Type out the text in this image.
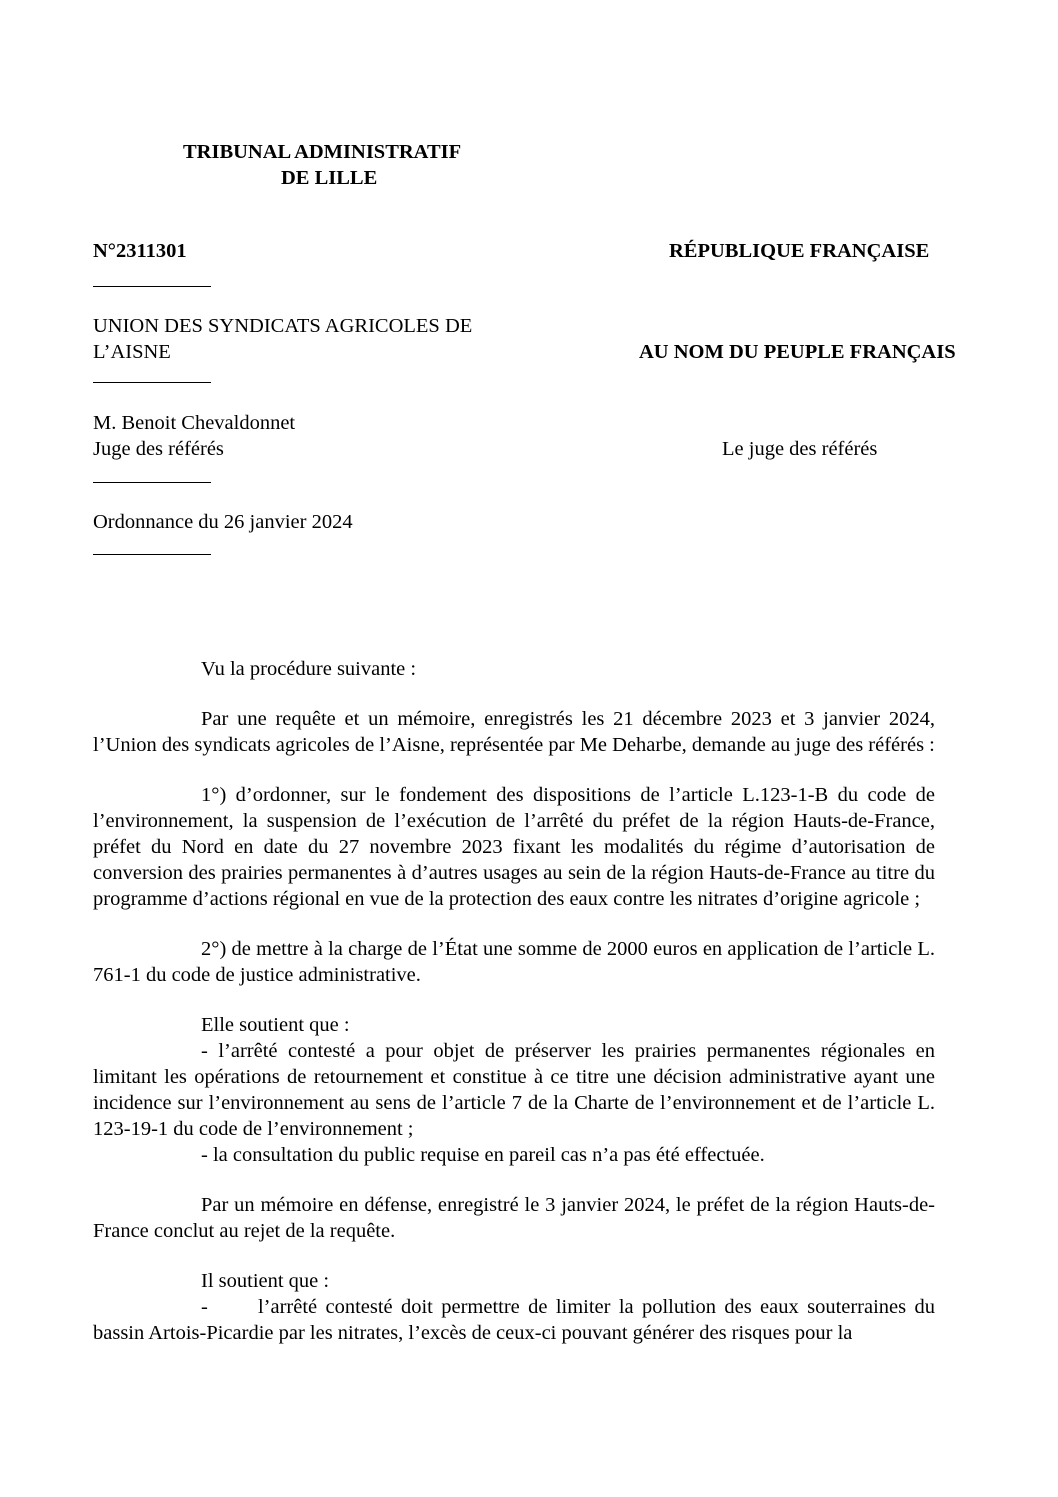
TRIBUNAL ADMINISTRATIF
DE LILLE
N°2311301	RÉPUBLIQUE FRANÇAISE
UNION DES SYNDICATS AGRICOLES DE
L’AISNE	AU NOM DU PEUPLE FRANÇAIS
M. Benoit Chevaldonnet
Juge des référés	Le juge des référés
Ordonnance du 26 janvier 2024

Vu la procédure suivante :

Par une requête et un mémoire, enregistrés les 21 décembre 2023 et 3 janvier 2024, l’Union des syndicats agricoles de l’Aisne, représentée par Me Deharbe, demande au juge des référés :

1°) d’ordonner, sur le fondement des dispositions de l’article L.123-1-B du code de l’environnement, la suspension de l’exécution de l’arrêté du préfet de la région Hauts-de-France, préfet du Nord en date du 27 novembre 2023 fixant les modalités du régime d’autorisation de conversion des prairies permanentes à d’autres usages au sein de la région Hauts-de-France au titre du programme d’actions régional en vue de la protection des eaux contre les nitrates d’origine agricole ;

2°) de mettre à la charge de l’État une somme de 2000 euros en application de l’article L. 761-1 du code de justice administrative.

Elle soutient que :

- l’arrêté contesté a pour objet de préserver les prairies permanentes régionales en limitant les opérations de retournement et constitue à ce titre une décision administrative ayant une incidence sur l’environnement au sens de l’article 7 de la Charte de l’environnement et de l’article L. 123-19-1 du code de l’environnement ;

- la consultation du public requise en pareil cas n’a pas été effectuée.

Par un mémoire en défense, enregistré le 3 janvier 2024, le préfet de la région Hauts-de-France conclut au rejet de la requête.

Il soutient que :

-      l’arrêté contesté doit permettre de limiter la pollution des eaux souterraines du bassin Artois-Picardie par les nitrates, l’excès de ceux-ci pouvant générer des risques pour la
